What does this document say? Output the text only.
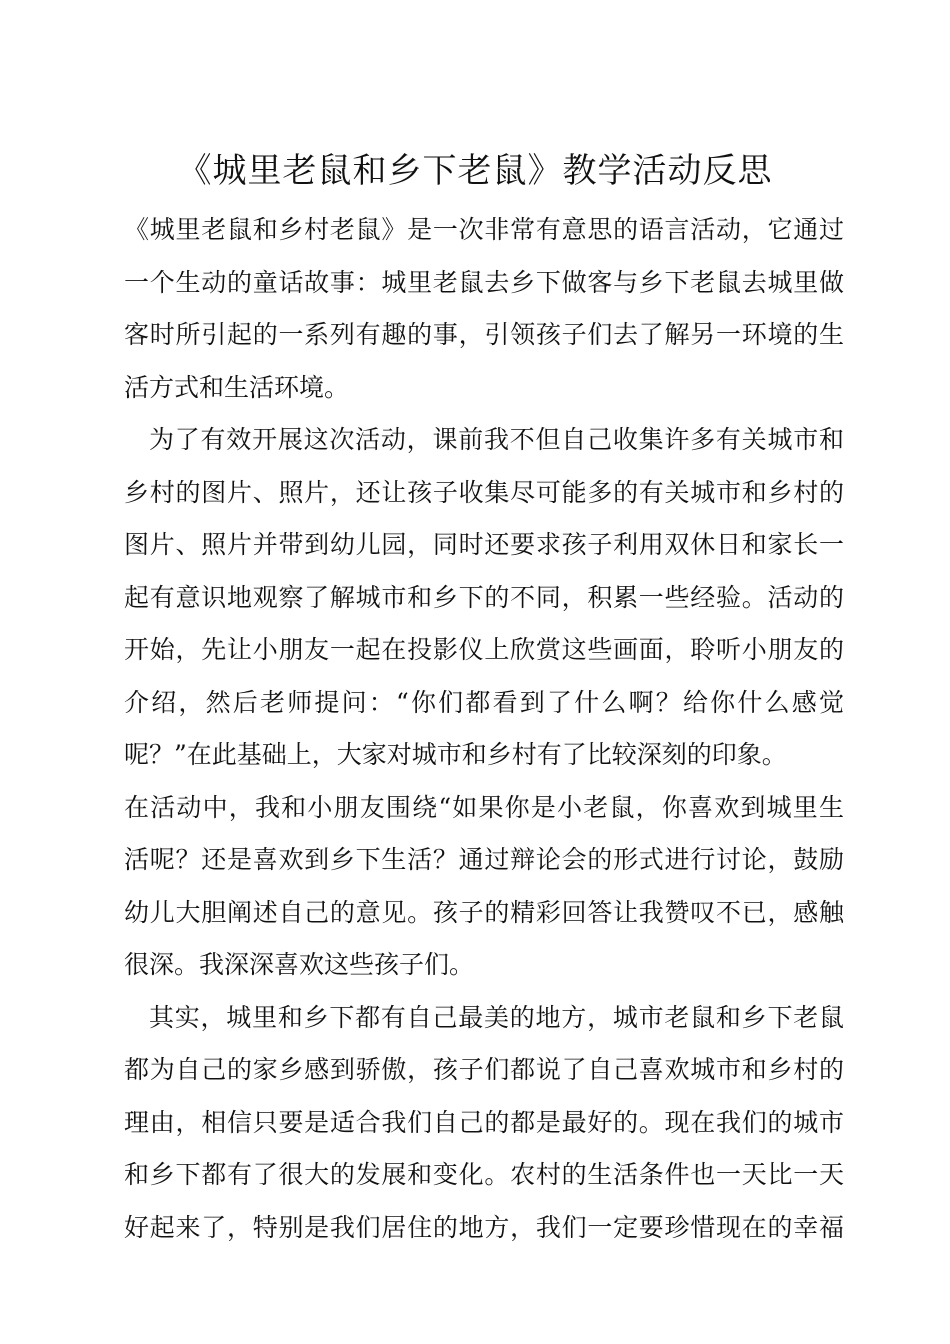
《城里老鼠和乡下老鼠》教学活动反思
《城里老鼠和乡村老鼠》是一次非常有意思的语言活动，它通过
一个生动的童话故事：城里老鼠去乡下做客与乡下老鼠去城里做
客时所引起的一系列有趣的事，引领孩子们去了解另一环境的生
活方式和生活环境。
为了有效开展这次活动，课前我不但自己收集许多有关城市和
乡村的图片、照片，还让孩子收集尽可能多的有关城市和乡村的
图片、照片并带到幼儿园，同时还要求孩子利用双休日和家长一
起有意识地观察了解城市和乡下的不同，积累一些经验。活动的
开始，先让小朋友一起在投影仪上欣赏这些画面，聆听小朋友的
介绍，然后老师提问：“你们都看到了什么啊？给你什么感觉
呢？”在此基础上，大家对城市和乡村有了比较深刻的印象。
在活动中，我和小朋友围绕“如果你是小老鼠，你喜欢到城里生
活呢？还是喜欢到乡下生活？通过辩论会的形式进行讨论，鼓励
幼儿大胆阐述自己的意见。孩子的精彩回答让我赞叹不已，感触
很深。我深深喜欢这些孩子们。
其实，城里和乡下都有自己最美的地方，城市老鼠和乡下老鼠
都为自己的家乡感到骄傲，孩子们都说了自己喜欢城市和乡村的
理由，相信只要是适合我们自己的都是最好的。现在我们的城市
和乡下都有了很大的发展和变化。农村的生活条件也一天比一天
好起来了，特别是我们居住的地方，我们一定要珍惜现在的幸福
